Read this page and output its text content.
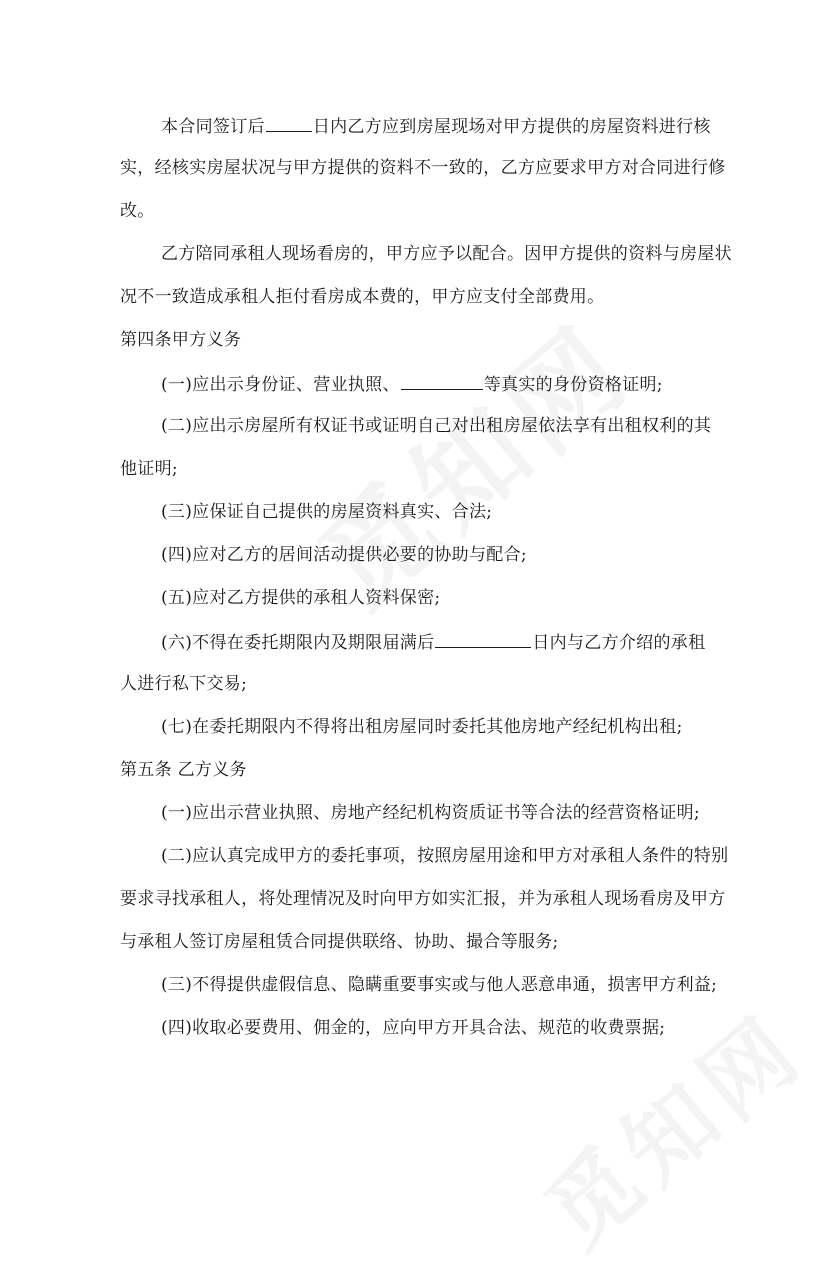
本合同签订后	日内乙方应到房屋现场对甲方提供的房屋资料进行核
实，经核实房屋状况与甲方提供的资料不一致的，乙方应要求甲方对合同进行修
改。
乙方陪同承租人现场看房的，甲方应予以配合。因甲方提供的资料与房屋状
况不一致造成承租人拒付看房成本费的，甲方应支付全部费用。
第四条甲方义务
(一)应出示身份证、营业执照、	等真实的身份资格证明;
(二)应出示房屋所有权证书或证明自己对出租房屋依法享有出租权利的其
他证明;
(三)应保证自己提供的房屋资料真实、合法;
(四)应对乙方的居间活动提供必要的协助与配合;
(五)应对乙方提供的承租人资料保密;
(六)不得在委托期限内及期限届满后	日内与乙方介绍的承租
人进行私下交易;
(七)在委托期限内不得将出租房屋同时委托其他房地产经纪机构出租;
第五条 乙方义务
(一)应出示营业执照、房地产经纪机构资质证书等合法的经营资格证明;
(二)应认真完成甲方的委托事项，按照房屋用途和甲方对承租人条件的特别
要求寻找承租人，将处理情况及时向甲方如实汇报，并为承租人现场看房及甲方
与承租人签订房屋租赁合同提供联络、协助、撮合等服务;
(三)不得提供虚假信息、隐瞒重要事实或与他人恶意串通，损害甲方利益;
(四)收取必要费用、佣金的，应向甲方开具合法、规范的收费票据;
